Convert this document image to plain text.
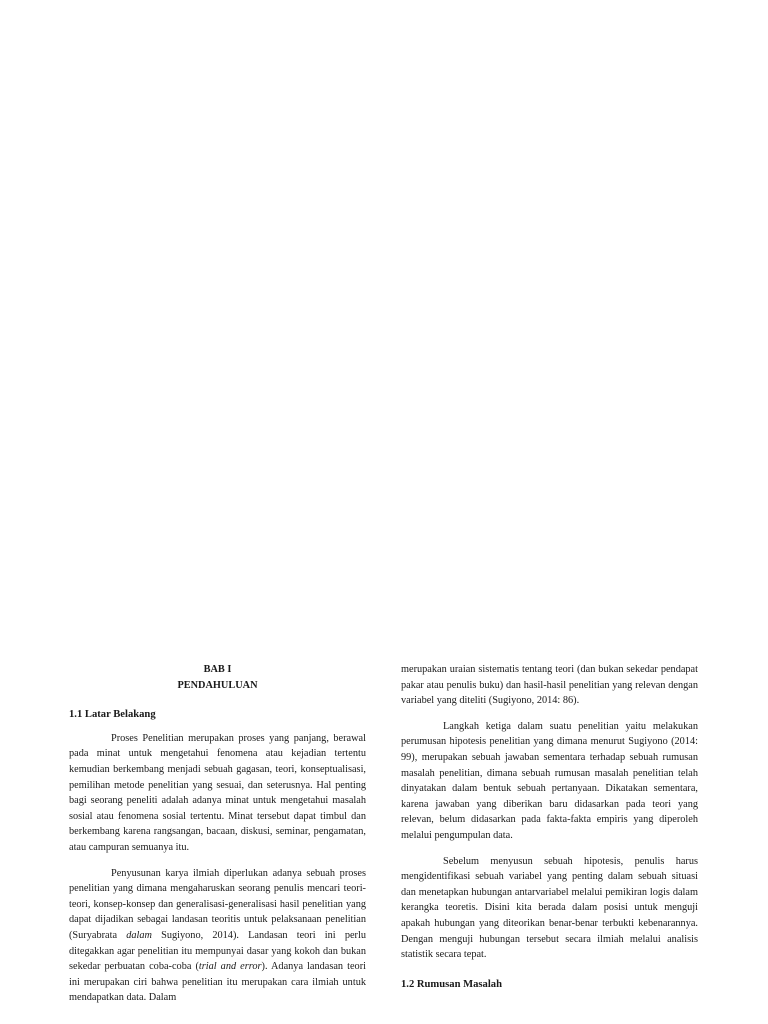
BAB I
PENDAHULUAN
1.1 Latar Belakang

Proses Penelitian merupakan proses yang panjang, berawal pada minat untuk mengetahui fenomena atau kejadian tertentu kemudian berkembang menjadi sebuah gagasan, teori, konseptualisasi, pemilihan metode penelitian yang sesuai, dan seterusnya. Hal penting bagi seorang peneliti adalah adanya minat untuk mengetahui masalah sosial atau fenomena sosial tertentu. Minat tersebut dapat timbul dan berkembang karena rangsangan, bacaan, diskusi, seminar, pengamatan, atau campuran semuanya itu.

Penyusunan karya ilmiah diperlukan adanya sebuah proses penelitian yang dimana mengaharuskan seorang penulis mencari teori-teori, konsep-konsep dan generalisasi-generalisasi hasil penelitian yang dapat dijadikan sebagai landasan teoritis untuk pelaksanaan penelitian (Suryabrata dalam Sugiyono, 2014). Landasan teori ini perlu ditegakkan agar penelitian itu mempunyai dasar yang kokoh dan bukan sekedar perbuatan coba-coba (trial and error). Adanya landasan teori ini merupakan ciri bahwa penelitian itu merupakan cara ilmiah untuk mendapatkan data. Dalam

merupakan uraian sistematis tentang teori (dan bukan sekedar pendapat pakar atau penulis buku) dan hasil-hasil penelitian yang relevan dengan variabel yang diteliti (Sugiyono, 2014: 86).

Langkah ketiga dalam suatu penelitian yaitu melakukan perumusan hipotesis penelitian yang dimana menurut Sugiyono (2014: 99), merupakan sebuah jawaban sementara terhadap sebuah rumusan masalah penelitian, dimana sebuah rumusan masalah penelitian telah dinyatakan dalam bentuk sebuah pertanyaan. Dikatakan sementara, karena jawaban yang diberikan baru didasarkan pada teori yang relevan, belum didasarkan pada fakta-fakta empiris yang diperoleh melalui pengumpulan data.

Sebelum menyusun sebuah hipotesis, penulis harus mengidentifikasi sebuah variabel yang penting dalam sebuah situasi dan menetapkan hubungan antarvariabel melalui pemikiran logis dalam kerangka teoretis. Disini kita berada dalam posisi untuk menguji apakah hubungan yang diteorikan benar-benar terbukti kebenarannya. Dengan menguji hubungan tersebut secara ilmiah melalui analisis statistik secara tepat.

1.2 Rumusan Masalah
